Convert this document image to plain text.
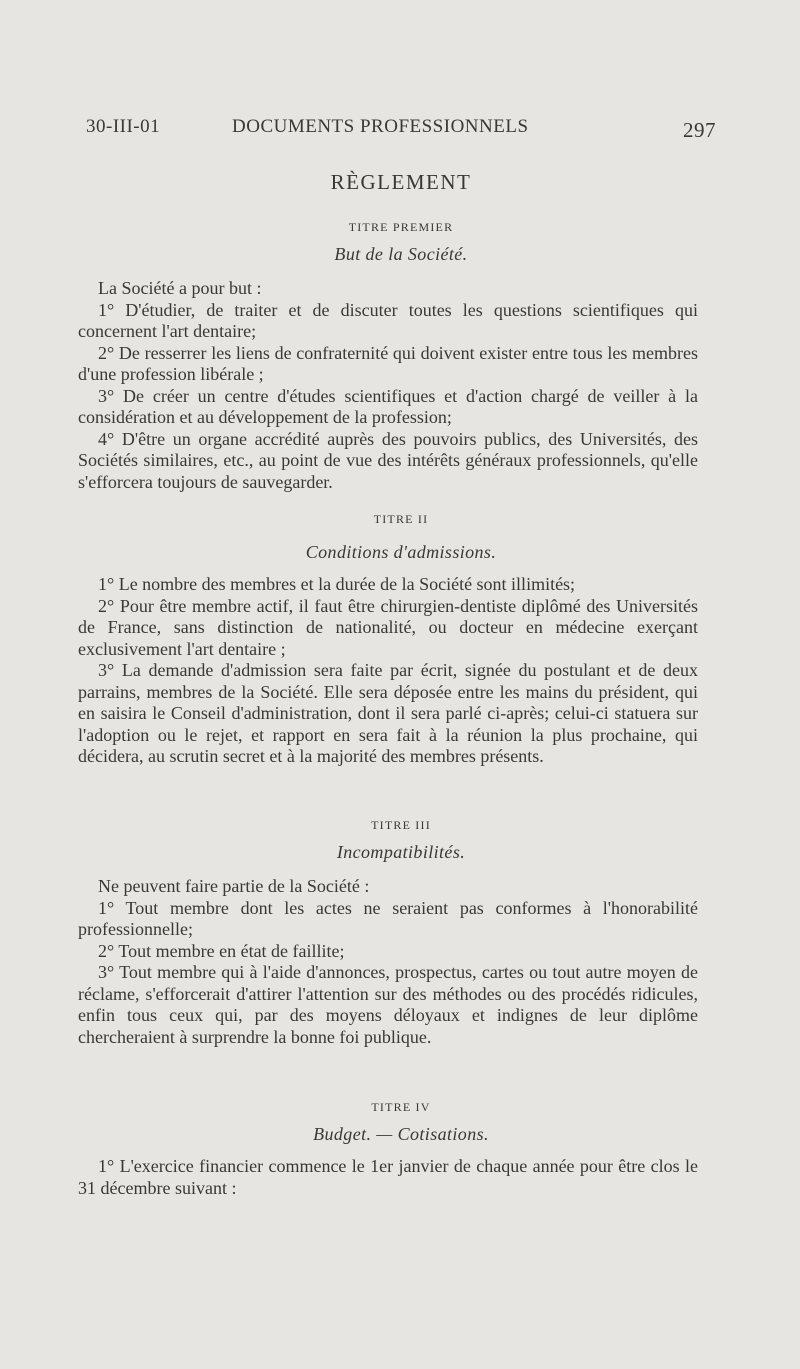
30-III-01	DOCUMENTS PROFESSIONNELS	297
RÈGLEMENT
TITRE PREMIER
But de la Société.

La Société a pour but :

1° D'étudier, de traiter et de discuter toutes les questions scientifiques qui concernent l'art dentaire;

2° De resserrer les liens de confraternité qui doivent exister entre tous les membres d'une profession libérale ;

3° De créer un centre d'études scientifiques et d'action chargé de veiller à la considération et au développement de la profession;

4° D'être un organe accrédité auprès des pouvoirs publics, des Universités, des Sociétés similaires, etc., au point de vue des intérêts généraux professionnels, qu'elle s'efforcera toujours de sauvegarder.

TITRE II
Conditions d'admissions.

1° Le nombre des membres et la durée de la Société sont illimités;

2° Pour être membre actif, il faut être chirurgien-dentiste diplômé des Universités de France, sans distinction de nationalité, ou docteur en médecine exerçant exclusivement l'art dentaire ;

3° La demande d'admission sera faite par écrit, signée du postulant et de deux parrains, membres de la Société. Elle sera déposée entre les mains du président, qui en saisira le Conseil d'administration, dont il sera parlé ci-après; celui-ci statuera sur l'adoption ou le rejet, et rapport en sera fait à la réunion la plus prochaine, qui décidera, au scrutin secret et à la majorité des membres présents.

TITRE III
Incompatibilités.

Ne peuvent faire partie de la Société :

1° Tout membre dont les actes ne seraient pas conformes à l'honorabilité professionnelle;

2° Tout membre en état de faillite;

3° Tout membre qui à l'aide d'annonces, prospectus, cartes ou tout autre moyen de réclame, s'efforcerait d'attirer l'attention sur des méthodes ou des procédés ridicules, enfin tous ceux qui, par des moyens déloyaux et indignes de leur diplôme chercheraient à surprendre la bonne foi publique.

TITRE IV
Budget. — Cotisations.

1° L'exercice financier commence le 1er janvier de chaque année pour être clos le 31 décembre suivant :
